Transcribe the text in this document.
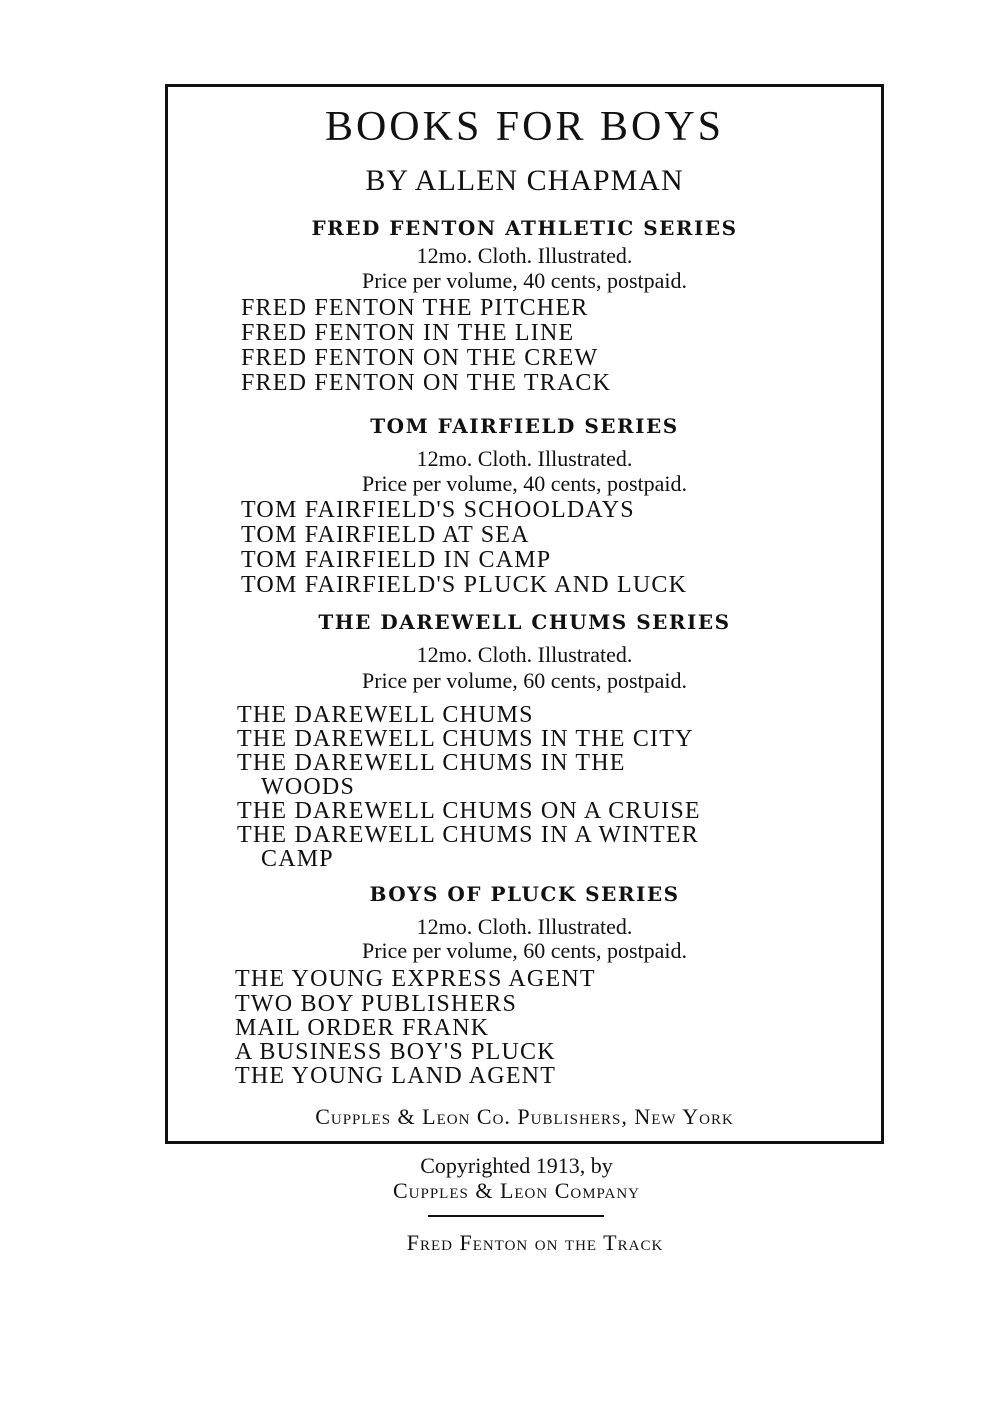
BOOKS FOR BOYS
BY ALLEN CHAPMAN
FRED FENTON ATHLETIC SERIES
12mo. Cloth. Illustrated.
Price per volume, 40 cents, postpaid.
FRED FENTON THE PITCHER
FRED FENTON IN THE LINE
FRED FENTON ON THE CREW
FRED FENTON ON THE TRACK
TOM FAIRFIELD SERIES
12mo. Cloth. Illustrated.
Price per volume, 40 cents, postpaid.
TOM FAIRFIELD'S SCHOOLDAYS
TOM FAIRFIELD AT SEA
TOM FAIRFIELD IN CAMP
TOM FAIRFIELD'S PLUCK AND LUCK
THE DAREWELL CHUMS SERIES
12mo. Cloth. Illustrated.
Price per volume, 60 cents, postpaid.
THE DAREWELL CHUMS
THE DAREWELL CHUMS IN THE CITY
THE DAREWELL CHUMS IN THE
WOODS
THE DAREWELL CHUMS ON A CRUISE
THE DAREWELL CHUMS IN A WINTER
CAMP
BOYS OF PLUCK SERIES
12mo. Cloth. Illustrated.
Price per volume, 60 cents, postpaid.
THE YOUNG EXPRESS AGENT
TWO BOY PUBLISHERS
MAIL ORDER FRANK
A BUSINESS BOY'S PLUCK
THE YOUNG LAND AGENT
Cupples & Leon Co. Publishers, New York
Copyrighted 1913, by
Cupples & Leon Company
Fred Fenton on the Track
